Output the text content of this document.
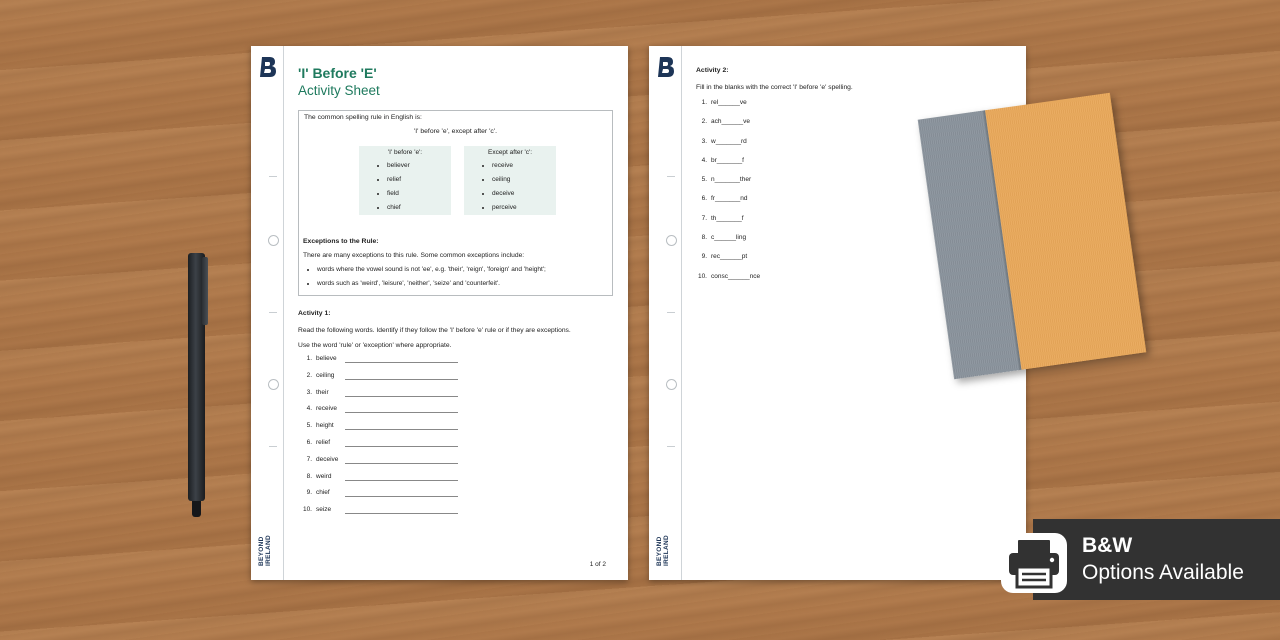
BEYOND IRELAND
'I' Before 'E'
Activity Sheet
The common spelling rule in English is:
'I' before 'e', except after 'c'.
'I' before 'e':
• believer
• relief
• field
• chief
Except after 'c':
• receive
• ceiling
• deceive
• perceive
Exceptions to the Rule:
There are many exceptions to this rule. Some common exceptions include:
• words where the vowel sound is not 'ee', e.g. 'their', 'reign', 'foreign' and 'height';
• words such as 'weird', 'leisure', 'neither', 'seize' and 'counterfeit'.
Activity 1:
Read the following words. Identify if they follow the 'I' before 'e' rule or if they are exceptions.
Use the word 'rule' or 'exception' where appropriate.
1. believe
2. ceiling
3. their
4. receive
5. height
6. relief
7. deceive
8. weird
9. chief
10. seize
1 of 2	BEYOND IRELAND
Activity 2:
Fill in the blanks with the correct 'I' before 'e' spelling.
1. rel______ve
2. ach______ve
3. w_______rd
4. br_______f
5. n_______ther
6. fr_______nd
7. th_______f
8. c______ling
9. rec______pt
10. consc______nce
B&W
Options Available
